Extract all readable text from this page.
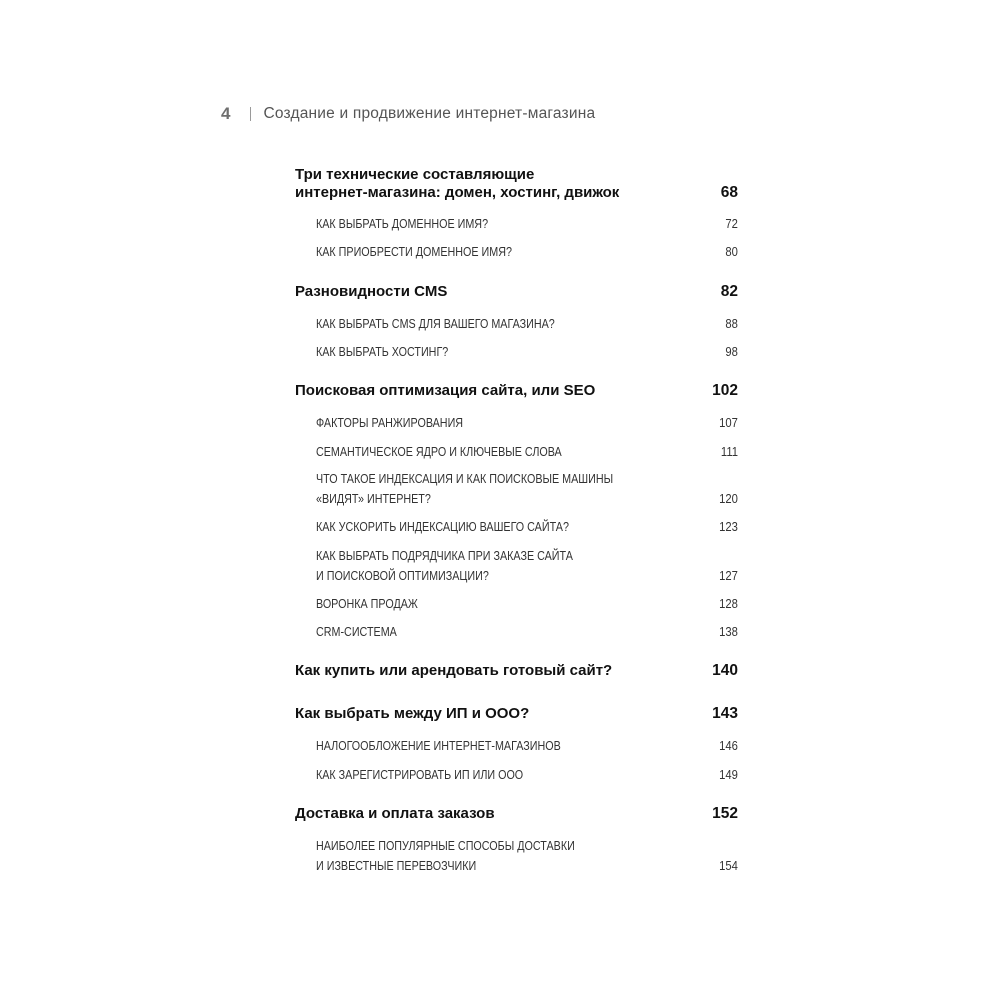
4 Создание и продвижение интернет-магазина
Три технические составляющие
интернет-магазина: домен, хостинг, движок	68
КАК ВЫБРАТЬ ДОМЕННОЕ ИМЯ?	72
КАК ПРИОБРЕСТИ ДОМЕННОЕ ИМЯ?	80
Разновидности CMS	82
КАК ВЫБРАТЬ CMS ДЛЯ ВАШЕГО МАГАЗИНА?	88
КАК ВЫБРАТЬ ХОСТИНГ?	98
Поисковая оптимизация сайта, или SEO	102
ФАКТОРЫ РАНЖИРОВАНИЯ	107
СЕМАНТИЧЕСКОЕ ЯДРО И КЛЮЧЕВЫЕ СЛОВА	111
ЧТО ТАКОЕ ИНДЕКСАЦИЯ И КАК ПОИСКОВЫЕ МАШИНЫ
«ВИДЯТ» ИНТЕРНЕТ?	120
КАК УСКОРИТЬ ИНДЕКСАЦИЮ ВАШЕГО САЙТА?	123
КАК ВЫБРАТЬ ПОДРЯДЧИКА ПРИ ЗАКАЗЕ САЙТА
И ПОИСКОВОЙ ОПТИМИЗАЦИИ?	127
ВОРОНКА ПРОДАЖ	128
CRM-СИСТЕМА	138
Как купить или арендовать готовый сайт?	140
Как выбрать между ИП и ООО?	143
НАЛОГООБЛОЖЕНИЕ ИНТЕРНЕТ-МАГАЗИНОВ	146
КАК ЗАРЕГИСТРИРОВАТЬ ИП ИЛИ ООО	149
Доставка и оплата заказов	152
НАИБОЛЕЕ ПОПУЛЯРНЫЕ СПОСОБЫ ДОСТАВКИ
И ИЗВЕСТНЫЕ ПЕРЕВОЗЧИКИ	154
